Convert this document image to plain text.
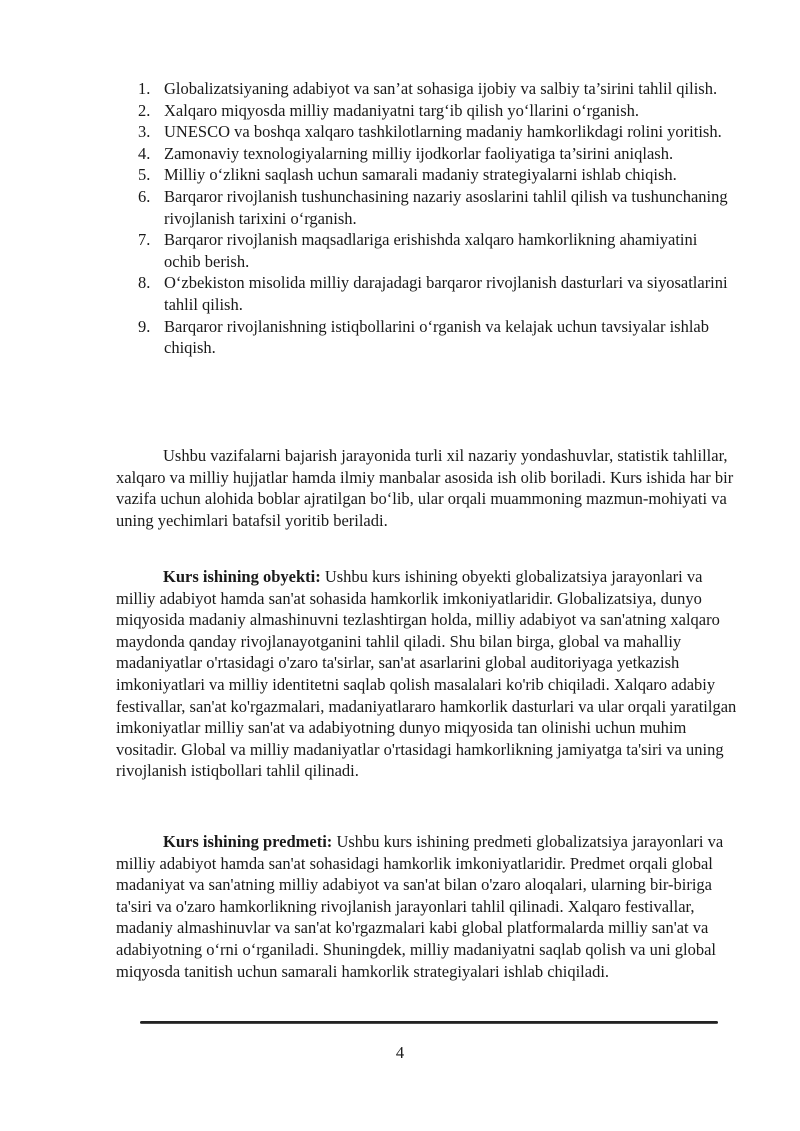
1. Globalizatsiyaning adabiyot va san’at sohasiga ijobiy va salbiy ta’sirini tahlil qilish.
2. Xalqaro miqyosda milliy madaniyatni targ‘ib qilish yo‘llarini o‘rganish.
3. UNESCO va boshqa xalqaro tashkilotlarning madaniy hamkorlikdagi rolini yoritish.
4. Zamonaviy texnologiyalarning milliy ijodkorlar faoliyatiga ta’sirini aniqlash.
5. Milliy o‘zlikni saqlash uchun samarali madaniy strategiyalarni ishlab chiqish.
6. Barqaror rivojlanish tushunchasining nazariy asoslarini tahlil qilish va tushunchaning rivojlanish tarixini o‘rganish.
7. Barqaror rivojlanish maqsadlariga erishishda xalqaro hamkorlikning ahamiyatini ochib berish.
8. O‘zbekiston misolida milliy darajadagi barqaror rivojlanish dasturlari va siyosatlarini tahlil qilish.
9. Barqaror rivojlanishning istiqbollarini o‘rganish va kelajak uchun tavsiyalar ishlab chiqish.

Ushbu vazifalarni bajarish jarayonida turli xil nazariy yondashuvlar, statistik tahlillar, xalqaro va milliy hujjatlar hamda ilmiy manbalar asosida ish olib boriladi. Kurs ishida har bir vazifa uchun alohida boblar ajratilgan bo‘lib, ular orqali muammoning mazmun-mohiyati va uning yechimlari batafsil yoritib beriladi.

Kurs ishining obyekti: Ushbu kurs ishining obyekti globalizatsiya jarayonlari va milliy adabiyot hamda san'at sohasida hamkorlik imkoniyatlaridir. Globalizatsiya, dunyo miqyosida madaniy almashinuvni tezlashtirgan holda, milliy adabiyot va san'atning xalqaro maydonda qanday rivojlanayotganini tahlil qiladi. Shu bilan birga, global va mahalliy madaniyatlar o'rtasidagi o'zaro ta'sirlar, san'at asarlarini global auditoriyaga yetkazish imkoniyatlari va milliy identitetni saqlab qolish masalalari ko'rib chiqiladi. Xalqaro adabiy festivallar, san'at ko'rgazmalari, madaniyatlararo hamkorlik dasturlari va ular orqali yaratilgan imkoniyatlar milliy san'at va adabiyotning dunyo miqyosida tan olinishi uchun muhim vositadir. Global va milliy madaniyatlar o'rtasidagi hamkorlikning jamiyatga ta'siri va uning rivojlanish istiqbollari tahlil qilinadi.

Kurs ishining predmeti: Ushbu kurs ishining predmeti globalizatsiya jarayonlari va milliy adabiyot hamda san'at sohasidagi hamkorlik imkoniyatlaridir. Predmet orqali global madaniyat va san'atning milliy adabiyot va san'at bilan o'zaro aloqalari, ularning bir-biriga ta'siri va o'zaro hamkorlikning rivojlanish jarayonlari tahlil qilinadi. Xalqaro festivallar, madaniy almashinuvlar va san'at ko'rgazmalari kabi global platformalarda milliy san'at va adabiyotning o‘rni o‘rganiladi. Shuningdek, milliy madaniyatni saqlab qolish va uni global miqyosda tanitish uchun samarali hamkorlik strategiyalari ishlab chiqiladi.

4
